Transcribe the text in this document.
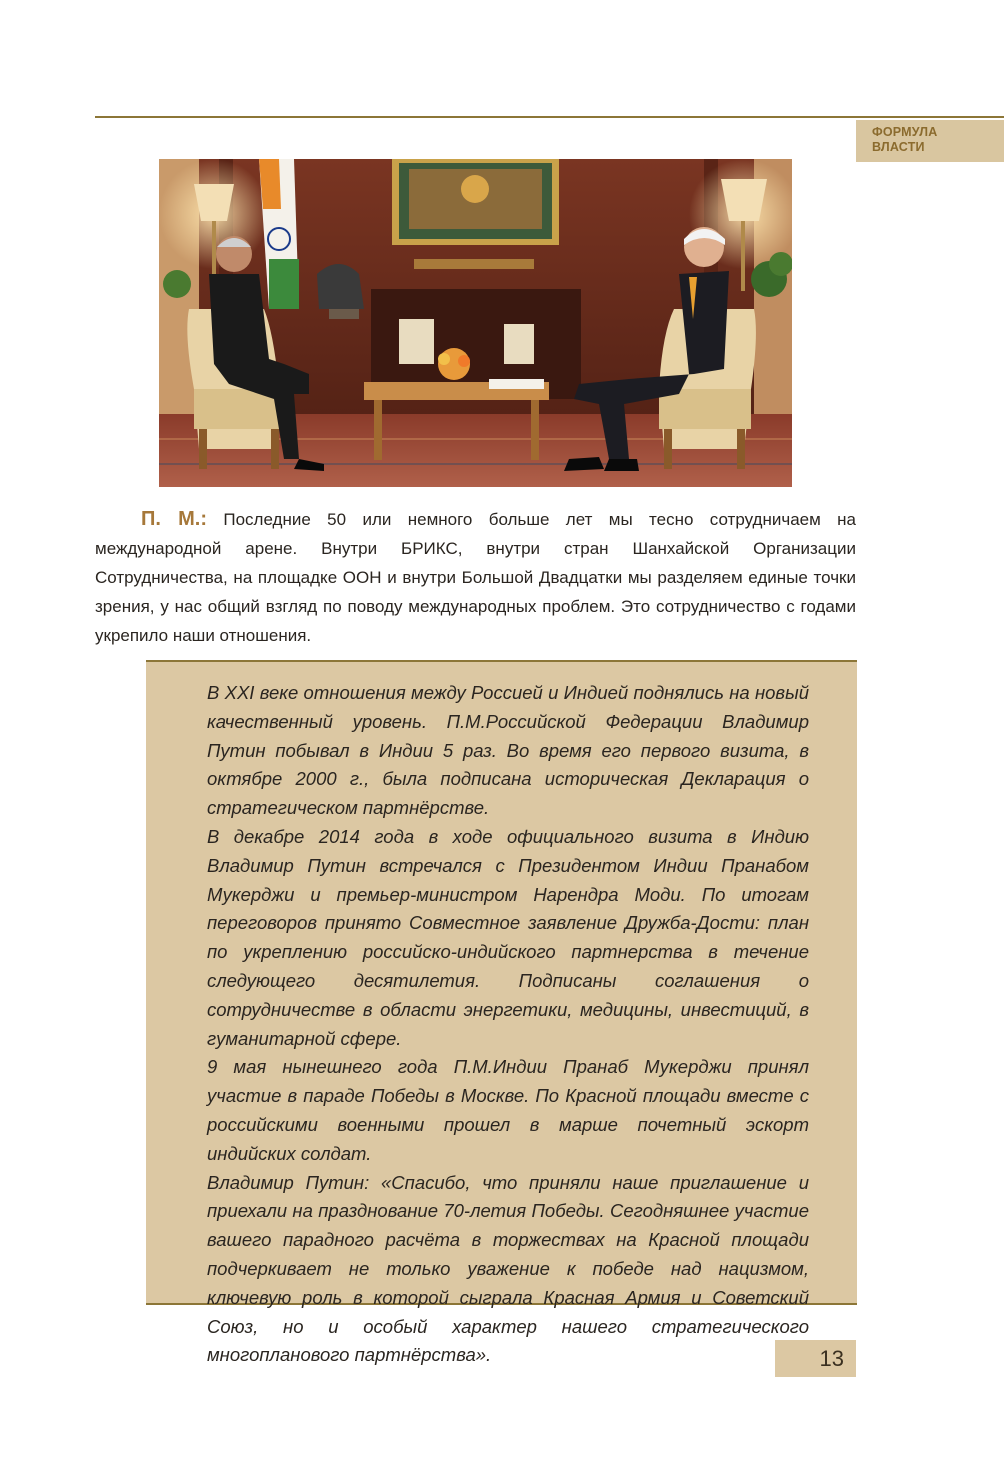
ФОРМУЛА
ВЛАСТИ

П. М.: Последние 50 или немного больше лет мы тесно сотрудничаем на международной арене. Внутри БРИКС, внутри стран Шанхайской Организации Сотрудничества, на площадке ООН и внутри Большой Двадцатки мы разделяем единые точки зрения, у нас общий взгляд по поводу международных проблем. Это сотрудничество с годами укрепило наши отношения.

В XXI веке отношения между Россией и Индией поднялись на новый качественный уровень. П.М.Российской Федерации Владимир Путин побывал в Индии 5 раз. Во время его первого визита, в октябре 2000 г., была подписана историческая Декларация о стратегическом партнёрстве.

В декабре 2014 года в ходе официального визита в Индию Владимир Путин встречался с Президентом Индии Пранабом Мукерджи и премьер-министром Нарендра Моди. По итогам переговоров принято Совместное заявление Дружба-Дости: план по укреплению российско-индийского партнерства в течение следующего десятилетия. Подписаны соглашения о сотрудничестве в области энергетики, медицины, инвестиций, в гуманитарной сфере.

9 мая нынешнего года П.М.Индии Пранаб Мукерджи принял участие в параде Победы в Москве. По Красной площади вместе с российскими военными прошел в марше почетный эскорт индийских солдат.

Владимир Путин: «Спасибо, что приняли наше приглашение и приехали на празднование 70-летия Победы. Сегодняшнее участие вашего парадного расчёта в торжествах на Красной площади подчеркивает не только уважение к победе над нацизмом, ключевую роль в которой сыграла Красная Армия и Советский Союз, но и особый характер нашего стратегического многопланового партнёрства».	13
